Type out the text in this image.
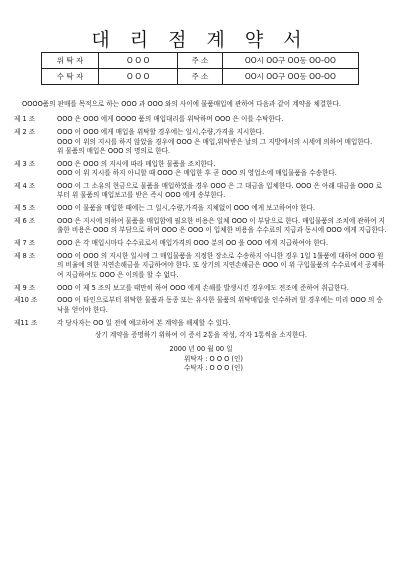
대 리 점 계 약 서
위 탁 자	O O O	주 소	OO시 OO구 OO동 OO-OO
수 탁 자	O O O	주 소	OO시 OO구 OO동 OO-OO

OOOO품의 판매를 목적으로 하는 OOO 과 OOO 와의 사이에 물품매입에 관하여 다음과 같이 계약을 체결한다.

제 1 조	OOO 은 OOO 에게 OOOO 품의 매입대리를 위탁하며 OOO 은 이를 수탁한다.
제 2 조	OOO 이 OOO 에게 매입을 위탁할 경우에는 일시,수량,가격을 지시한다.
OOO 이 위의 지시를 하지 않았을 경우에 OOO 은 매입,위탁받은 날의 그 지방에서의 시세에 의하여 매입한다.
위 물품의 매입은 OOO 의 명의로 한다.
제 3 조	OOO 은 OOO 의 지시에 따라 매입한 물품을 조치한다.
OOO 이 위 지시를 하지 아니할 때 OOO 은 매입한 후 곧 OOO 의 영업소에 매입물품을 수송한다.
제 4 조	OOO 이 그 소유의 현금으로 물품을 매입하였을 경우 OOO 은 그 대금을 입체한다. OOO 은 아래 대금을 OOO 로부터 위 물품의 매입보고를 받은 즉시 OOO 에게 송부한다.
제 5 조	OOO 이 물품을 매입한 때에는 그 일시,수량,가격을 지체없이 OOO 에게 보고하여야 한다.
제 6 조	OOO 은 지시에 의하여 물품을 매입함에 필요한 비용은 일체 OOO 이 부담으로 한다. 매입물품의 조치에 관하여 지출한 비용은 OOO 의 부담으로 하며 OOO 은 OOO 이 입체한 비용을 수수료의 지급과 동시에 OOO 에게 지급한다.
제 7 조	OOO 은 각 매입시마다 수수료로서 매입가격의 OOO 분의 OO 을 OOO 에게 지급하여야 한다.
제 8 조	OOO 이 OOO 의 지시한 일시에 그 매입물품을 지정한 장소로 수송하지 아니한 경우 1일 1톨품에 대하여 OOO 원의 비율에 의한 지연손해금을 지급하여야 한다. 또 상기의 지연손해금은 OOO 이 위 구입물품의 수수료에서 공제하여 지급하여도 OOO 은 이의를 할 수 없다.
제 9 조	OOO 이 제 5 조의 보고를 태만히 하여 OOO 에게 손해를 발생시킨 경우에도 전조에 준하여 취급한다.
제10 조	OOO 이 타인으로부터 위탁한 물품과 동종 또는 유사한 물품의 위탁매입을 인수하려 할 경우에는 미리 OOO 의 승낙을 얻어야 한다.
제11 조	각 당사자는 OO 일 전에 예고하여 본 계약을 해제할 수 있다.
상기 계약을 증명하기 위하여 이 증서 2통을 작성, 각자 1통씩을 소지한다.
2000 년 00 월 00 일
위탁자 : O O O (인)
수탁자 : O O O (인)
